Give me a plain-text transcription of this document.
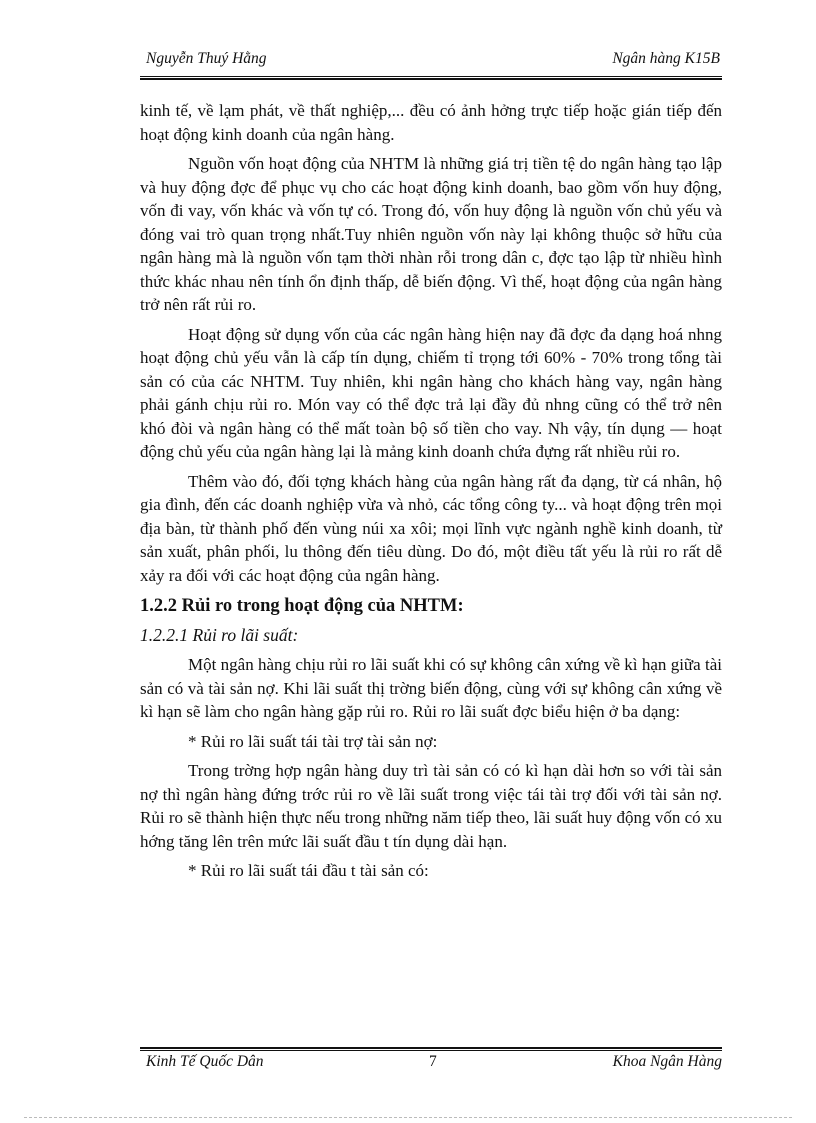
Nguyễn Thuý Hằng	Ngân hàng K15B

kinh tế, về lạm phát, về thất nghiệp,... đều có ảnh hởng trực tiếp hoặc gián tiếp đến hoạt động kinh doanh của ngân hàng.

Nguồn vốn hoạt động của NHTM là những giá trị tiền tệ do ngân hàng tạo lập và huy động đợc để phục vụ cho các hoạt động kinh doanh, bao gồm vốn huy động, vốn đi vay, vốn khác và vốn tự có. Trong đó, vốn huy động là nguồn vốn chủ yếu và đóng vai trò quan trọng nhất.Tuy nhiên nguồn vốn này lại không thuộc sở hữu của ngân hàng mà là nguồn vốn tạm thời nhàn rỗi trong dân c, đợc tạo lập từ nhiều hình thức khác nhau nên tính ổn định thấp, dễ biến động. Vì thế, hoạt động của ngân hàng trở nên rất rủi ro.

Hoạt động sử dụng vốn của các ngân hàng hiện nay đã đợc đa dạng hoá nhng hoạt động chủ yếu vẫn là cấp tín dụng, chiếm tỉ trọng tới 60% - 70% trong tổng tài sản có của các NHTM. Tuy nhiên, khi ngân hàng cho khách hàng vay, ngân hàng phải gánh chịu rủi ro. Món vay có thể đợc trả lại đầy đủ nhng cũng có thể trở nên khó đòi và ngân hàng có thể mất toàn bộ số tiền cho vay. Nh vậy, tín dụng — hoạt động chủ yếu của ngân hàng lại là mảng kinh doanh chứa đựng rất nhiều rủi ro.

Thêm vào đó, đối tợng khách hàng của ngân hàng rất đa dạng, từ cá nhân, hộ gia đình, đến các doanh nghiệp vừa và nhỏ, các tổng công ty... và hoạt động trên mọi địa bàn, từ thành phố đến vùng núi xa xôi; mọi lĩnh vực ngành nghề kinh doanh, từ sản xuất, phân phối, lu thông đến tiêu dùng. Do đó, một điều tất yếu là rủi ro rất dễ xảy ra đối với các hoạt động của ngân hàng.

1.2.2 Rủi ro trong hoạt động của NHTM:
1.2.2.1 Rủi ro lãi suất:

Một ngân hàng chịu rủi ro lãi suất khi có sự không cân xứng về kì hạn giữa tài sản có và tài sản nợ. Khi lãi suất thị trờng biến động, cùng với sự không cân xứng về kì hạn sẽ làm cho ngân hàng gặp rủi ro. Rủi ro lãi suất đợc biểu hiện ở ba dạng:

* Rủi ro lãi suất tái tài trợ tài sản nợ:

Trong trờng hợp ngân hàng duy trì tài sản có có kì hạn dài hơn so với tài sản nợ thì ngân hàng đứng trớc rủi ro về lãi suất trong việc tái tài trợ đối với tài sản nợ. Rủi ro sẽ thành hiện thực nếu trong những năm tiếp theo, lãi suất huy động vốn có xu hớng tăng lên trên mức lãi suất đầu t tín dụng dài hạn.

* Rủi ro lãi suất tái đầu t tài sản có:

Kinh Tế Quốc Dân	7	Khoa Ngân Hàng
